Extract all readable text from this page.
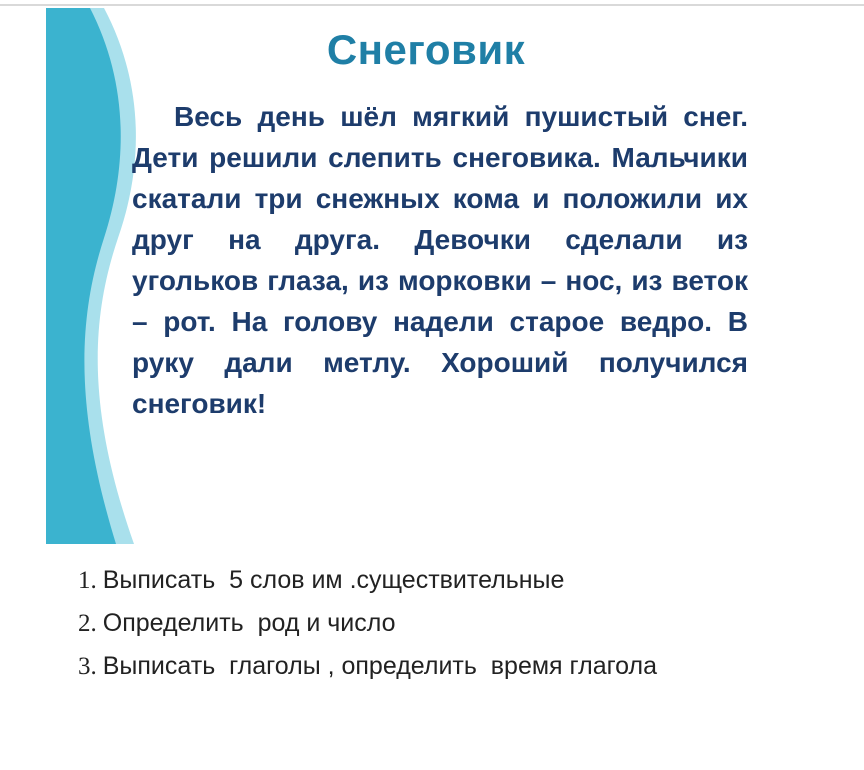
Снеговик

Весь день шёл мягкий пушистый снег. Дети решили слепить снеговика. Мальчики скатали три снежных кома и положили их друг на друга. Девочки сделали из угольков глаза, из морковки – нос, из веток – рот. На голову надели старое ведро. В руку дали метлу. Хороший получился снеговик!

1. Выписать  5 слов им .существительные
2. Определить  род и число
3. Выписать  глаголы , определить  время глагола
